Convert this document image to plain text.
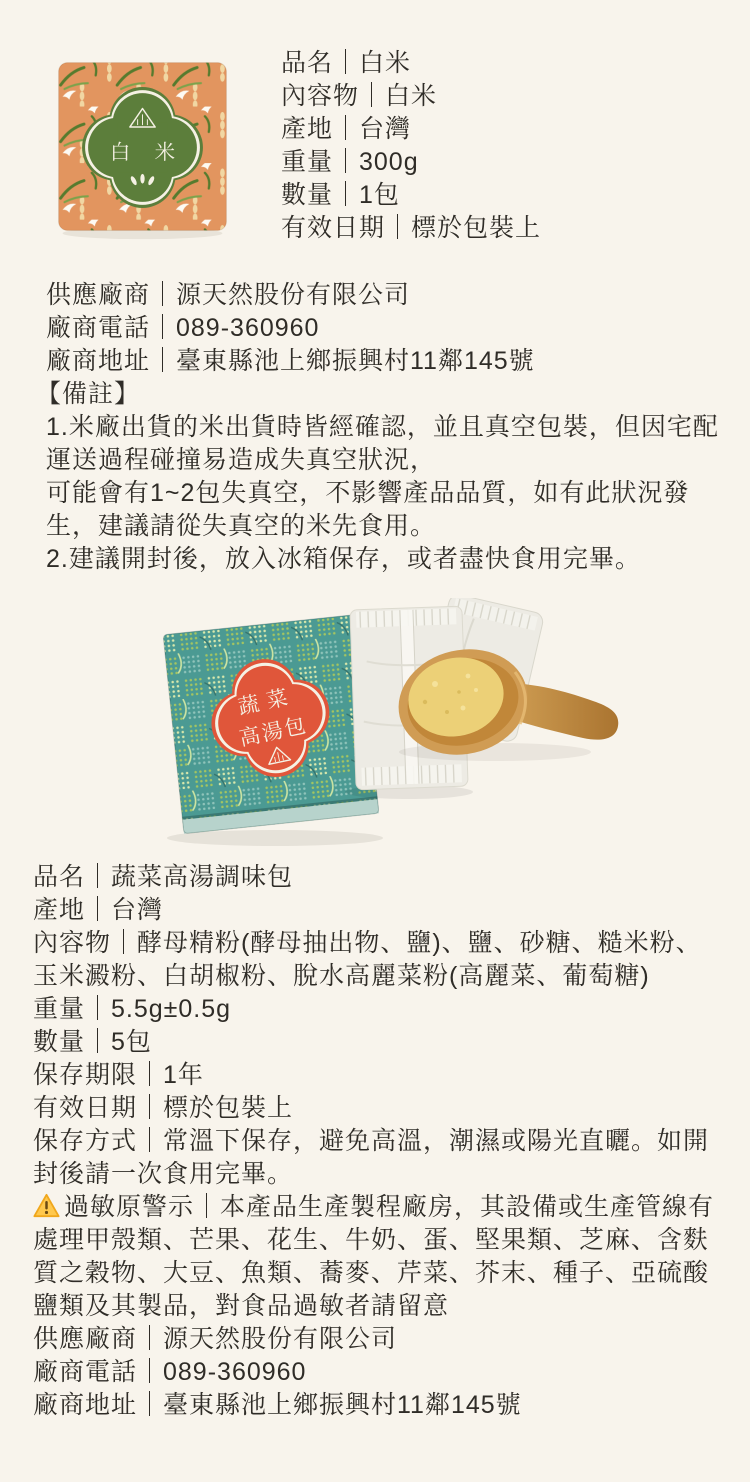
白 米
品名｜白米
內容物｜白米
產地｜台灣
重量｜300g
數量｜1包
有效日期｜標於包裝上
供應廠商｜源天然股份有限公司
廠商電話｜089-360960
廠商地址｜臺東縣池上鄉振興村11鄰145號
【備註】
1.米廠出貨的米出貨時皆經確認，並且真空包裝，但因宅配
運送過程碰撞易造成失真空狀況，
可能會有1~2包失真空，不影響產品品質，如有此狀況發
生，建議請從失真空的米先食用。
2.建議開封後，放入冰箱保存，或者盡快食用完畢。
蔬菜
高湯包
品名｜蔬菜高湯調味包
產地｜台灣
內容物｜酵母精粉(酵母抽出物、鹽)、鹽、砂糖、糙米粉、
玉米澱粉、白胡椒粉、脫水高麗菜粉(高麗菜、葡萄糖)
重量｜5.5g±0.5g
數量｜5包
保存期限｜1年
有效日期｜標於包裝上
保存方式｜常溫下保存，避免高溫，潮濕或陽光直曬。如開
封後請一次食用完畢。
過敏原警示｜本產品生產製程廠房，其設備或生產管線有
處理甲殼類、芒果、花生、牛奶、蛋、堅果類、芝麻、含麩
質之穀物、大豆、魚類、蕎麥、芹菜、芥末、種子、亞硫酸
鹽類及其製品，對食品過敏者請留意
供應廠商｜源天然股份有限公司
廠商電話｜089-360960
廠商地址｜臺東縣池上鄉振興村11鄰145號
